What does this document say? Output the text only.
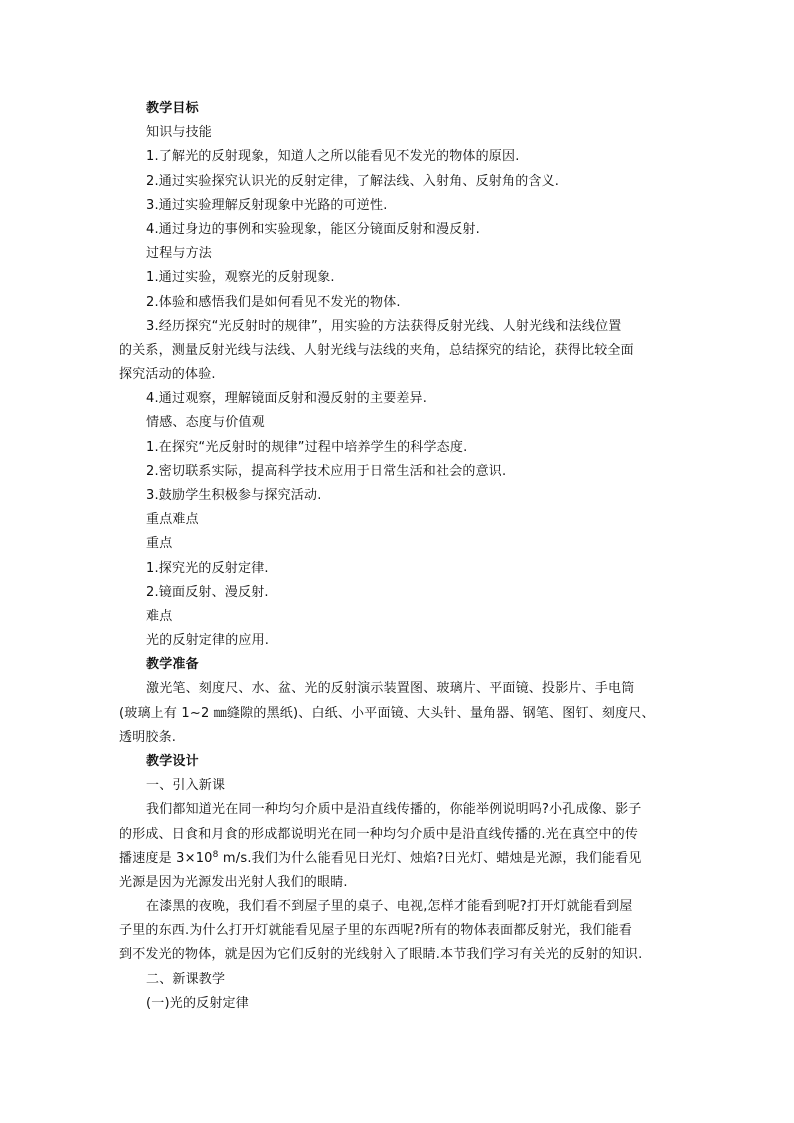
教学目标
知识与技能
1.了解光的反射现象，知道人之所以能看见不发光的物体的原因.
2.通过实验探究认识光的反射定律，了解法线、入射角、反射角的含义.
3.通过实验理解反射现象中光路的可逆性.
4.通过身边的事例和实验现象，能区分镜面反射和漫反射.
过程与方法
1.通过实验，观察光的反射现象.
2.体验和感悟我们是如何看见不发光的物体.
3.经历探究“光反射时的规律”，用实验的方法获得反射光线、人射光线和法线位置
的关系，测量反射光线与法线、人射光线与法线的夹角，总结探究的结论，获得比较全面
探究活动的体验.
4.通过观察，理解镜面反射和漫反射的主要差异.
情感、态度与价值观
1.在探究“光反射时的规律”过程中培养学生的科学态度.
2.密切联系实际，提高科学技术应用于日常生活和社会的意识.
3.鼓励学生积极参与探究活动.
重点难点
重点
1.探究光的反射定律.
2.镜面反射、漫反射.
难点
光的反射定律的应用.
教学准备
激光笔、刻度尺、水、盆、光的反射演示装置图、玻璃片、平面镜、投影片、手电筒
(玻璃上有 1~2 ㎜缝隙的黑纸)、白纸、小平面镜、大头针、量角器、钢笔、图钉、刻度尺、
透明胶条.
教学设计
一、引入新课
我们都知道光在同一种均匀介质中是沿直线传播的，你能举例说明吗?小孔成像、影子
的形成、日食和月食的形成都说明光在同一种均匀介质中是沿直线传播的.光在真空中的传
播速度是 $3\times 10^8$ m/s.我们为什么能看见日光灯、烛焰?日光灯、蜡烛是光源，我们能看见
光源是因为光源发出光射人我们的眼睛.
在漆黑的夜晚，我们看不到屋子里的桌子、电视,怎样才能看到呢?打开灯就能看到屋
子里的东西.为什么打开灯就能看见屋子里的东西呢?所有的物体表面都反射光，我们能看
到不发光的物体，就是因为它们反射的光线射入了眼睛.本节我们学习有关光的反射的知识.
二、新课教学
(一)光的反射定律
